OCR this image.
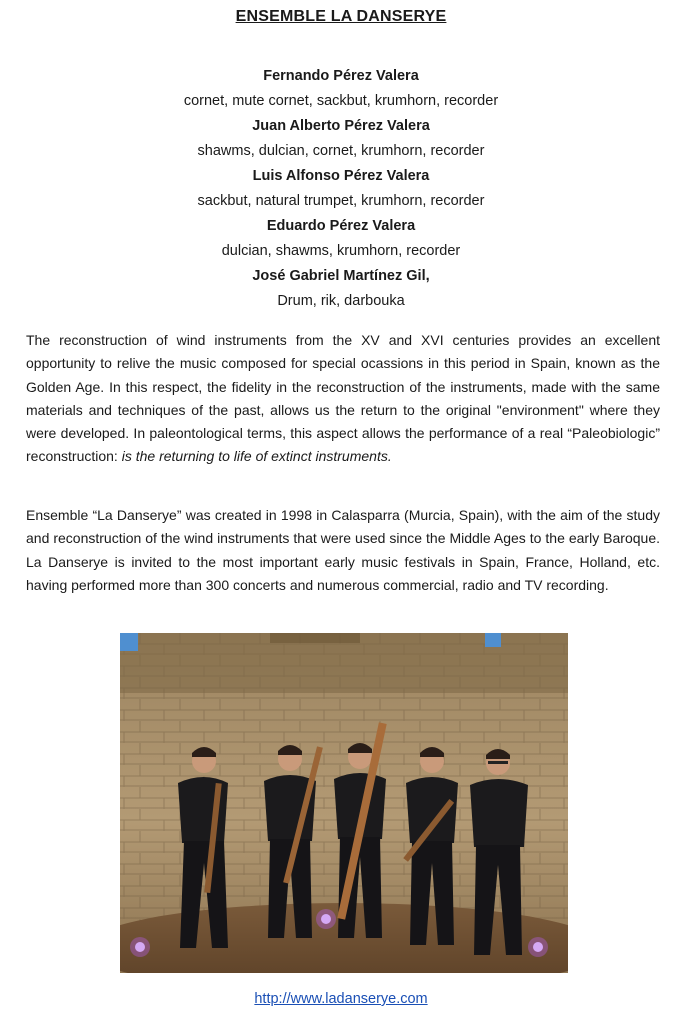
ENSEMBLE LA DANSERYE
Fernando Pérez Valera
cornet, mute cornet, sackbut, krumhorn, recorder
Juan Alberto Pérez Valera
shawms, dulcian, cornet, krumhorn, recorder
Luis Alfonso Pérez Valera
sackbut, natural trumpet, krumhorn, recorder
Eduardo Pérez Valera
dulcian, shawms, krumhorn, recorder
José Gabriel Martínez Gil,
Drum, rik, darbouka

The reconstruction of wind instruments from the XV and XVI centuries provides an excellent opportunity to relive the music composed for special ocassions in this period in Spain, known as the Golden Age. In this respect, the fidelity in the reconstruction of the instruments, made with the same materials and techniques of the past, allows us the return to the original "environment" where they were developed. In paleontological terms, this aspect allows the performance of a real “Paleobiologic” reconstruction: is the returning to life of extinct instruments.

Ensemble “La Danserye” was created in 1998 in Calasparra (Murcia, Spain), with the aim of the study and reconstruction of the wind instruments that were used since the Middle Ages to the early Baroque. La Danserye is invited to the most important early music festivals in Spain, France, Holland, etc. having performed more than 300 concerts and numerous commercial, radio and TV recording.

http://www.ladanserye.com
